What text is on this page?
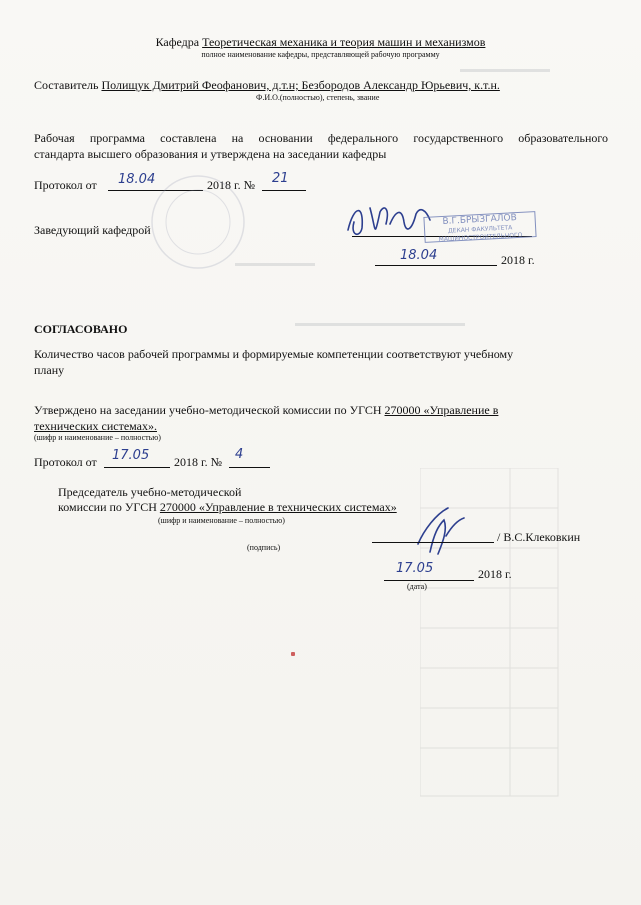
▬▬▬▬▬▬▬▬▬
▬▬▬▬▬▬▬▬
▬▬▬▬▬▬▬▬▬▬▬▬▬▬▬▬▬
Кафедра Теоретическая механика и теория машин и механизмов
полное наименование кафедры, представляющей рабочую программу
Составитель Полищук Дмитрий Феофанович, д.т.н; Безбородов Александр Юрьевич, к.т.н.
Ф.И.О.(полностью), степень, звание
Рабочая программа составлена на основании федерального государственного образовательного
стандарта высшего образования и утверждена на заседании кафедры
Протокол от 18.04	2018 г. № 21
Заведующий кафедрой
В.Г.БРЫЗГАЛОВ
ДЕКАН ФАКУЛЬТЕТА МАШИНОСТРОИТЕЛЬНОГО
18.04	2018 г.
СОГЛАСОВАНО
Количество часов рабочей программы и формируемые компетенции соответствуют учебному
плану
Утверждено на заседании учебно-методической комиссии по УГСН 270000 «Управление в
технических системах».
(шифр и наименование – полностью)
Протокол от 17.05 2018 г. № 4
Председатель учебно-методической
комиссии по УГСН 270000 «Управление в технических системах»
(шифр и наименование – полностью)
/ В.С.Клековкин
(подпись)
17.05	2018 г.
(дата)
